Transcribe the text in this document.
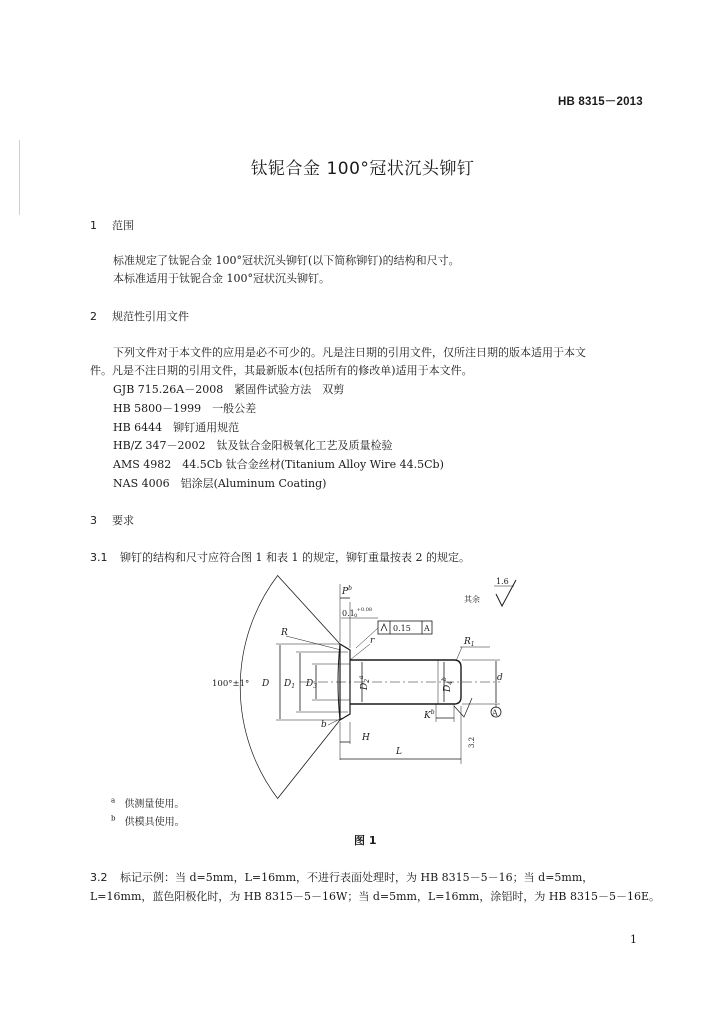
HB 8315－2013
钛铌合金 100°冠状沉头铆钉
1 范围
标准规定了钛铌合金 100°冠状沉头铆钉(以下简称铆钉)的结构和尺寸。
本标准适用于钛铌合金 100°冠状沉头铆钉。
2 规范性引用文件
下列文件对于本文件的应用是必不可少的。凡是注日期的引用文件，仅所注日期的版本适用于本文
件。凡是不注日期的引用文件，其最新版本(包括所有的修改单)适用于本文件。
GJB 715.26A－2008　紧固件试验方法　双剪
HB 5800－1999　一般公差
HB 6444　铆钉通用规范
HB/Z 347－2002　钛及钛合金阳极氧化工艺及质量检验
AMS 4982　44.5Cb 钛合金丝材(Titanium Alloy Wire 44.5Cb)
NAS 4006　铝涂层(Aluminum Coating)
3 要求
3.1 铆钉的结构和尺寸应符合图 1 和表 1 的规定，铆钉重量按表 2 的规定。
D $D_1$ $D_3$	$D_2^a$
$D_4^b$	d
A
100°±1°
$P^b$
0.1 $^{+0.08}$ 0
0.15 A
R
r	$R_1$
$K^b$
b
H
L
1.6
其余
3.2
$^a$ 供测量使用。
$^b$ 供模具使用。
图 1
3.2 标记示例：当 d=5mm，L=16mm，不进行表面处理时，为 HB 8315－5－16；当 d=5mm，
L=16mm，蓝色阳极化时，为 HB 8315－5－16W；当 d=5mm，L=16mm，涂铝时，为 HB 8315－5－16E。
1
